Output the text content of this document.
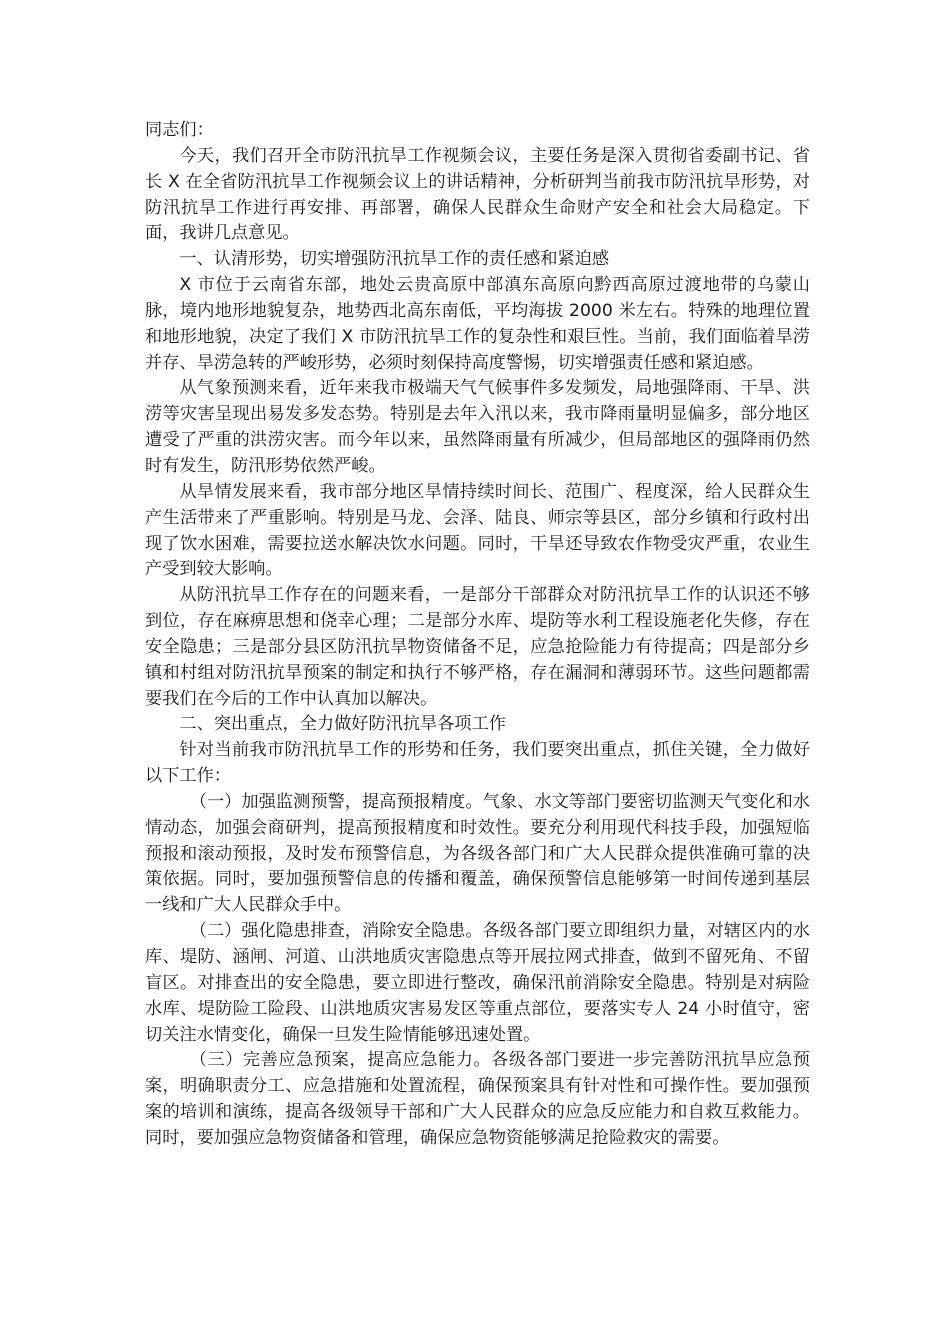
同志们：

今天，我们召开全市防汛抗旱工作视频会议，主要任务是深入贯彻省委副书记、省长 X 在全省防汛抗旱工作视频会议上的讲话精神，分析研判当前我市防汛抗旱形势，对防汛抗旱工作进行再安排、再部署，确保人民群众生命财产安全和社会大局稳定。下面，我讲几点意见。

一、认清形势，切实增强防汛抗旱工作的责任感和紧迫感

X 市位于云南省东部，地处云贵高原中部滇东高原向黔西高原过渡地带的乌蒙山脉，境内地形地貌复杂，地势西北高东南低，平均海拔 2000 米左右。特殊的地理位置和地形地貌，决定了我们 X 市防汛抗旱工作的复杂性和艰巨性。当前，我们面临着旱涝并存、旱涝急转的严峻形势，必须时刻保持高度警惕，切实增强责任感和紧迫感。

从气象预测来看，近年来我市极端天气气候事件多发频发，局地强降雨、干旱、洪涝等灾害呈现出易发多发态势。特别是去年入汛以来，我市降雨量明显偏多，部分地区遭受了严重的洪涝灾害。而今年以来，虽然降雨量有所减少，但局部地区的强降雨仍然时有发生，防汛形势依然严峻。

从旱情发展来看，我市部分地区旱情持续时间长、范围广、程度深，给人民群众生产生活带来了严重影响。特别是马龙、会泽、陆良、师宗等县区，部分乡镇和行政村出现了饮水困难，需要拉送水解决饮水问题。同时，干旱还导致农作物受灾严重，农业生产受到较大影响。

从防汛抗旱工作存在的问题来看，一是部分干部群众对防汛抗旱工作的认识还不够到位，存在麻痹思想和侥幸心理；二是部分水库、堤防等水利工程设施老化失修，存在安全隐患；三是部分县区防汛抗旱物资储备不足，应急抢险能力有待提高；四是部分乡镇和村组对防汛抗旱预案的制定和执行不够严格，存在漏洞和薄弱环节。这些问题都需要我们在今后的工作中认真加以解决。

二、突出重点，全力做好防汛抗旱各项工作

针对当前我市防汛抗旱工作的形势和任务，我们要突出重点，抓住关键，全力做好以下工作：

（一）加强监测预警，提高预报精度。气象、水文等部门要密切监测天气变化和水情动态，加强会商研判，提高预报精度和时效性。要充分利用现代科技手段，加强短临预报和滚动预报，及时发布预警信息，为各级各部门和广大人民群众提供准确可靠的决策依据。同时，要加强预警信息的传播和覆盖，确保预警信息能够第一时间传递到基层一线和广大人民群众手中。

（二）强化隐患排查，消除安全隐患。各级各部门要立即组织力量，对辖区内的水库、堤防、涵闸、河道、山洪地质灾害隐患点等开展拉网式排查，做到不留死角、不留盲区。对排查出的安全隐患，要立即进行整改，确保汛前消除安全隐患。特别是对病险水库、堤防险工险段、山洪地质灾害易发区等重点部位，要落实专人 24 小时值守，密切关注水情变化，确保一旦发生险情能够迅速处置。

（三）完善应急预案，提高应急能力。各级各部门要进一步完善防汛抗旱应急预案，明确职责分工、应急措施和处置流程，确保预案具有针对性和可操作性。要加强预案的培训和演练，提高各级领导干部和广大人民群众的应急反应能力和自救互救能力。同时，要加强应急物资储备和管理，确保应急物资能够满足抢险救灾的需要。
